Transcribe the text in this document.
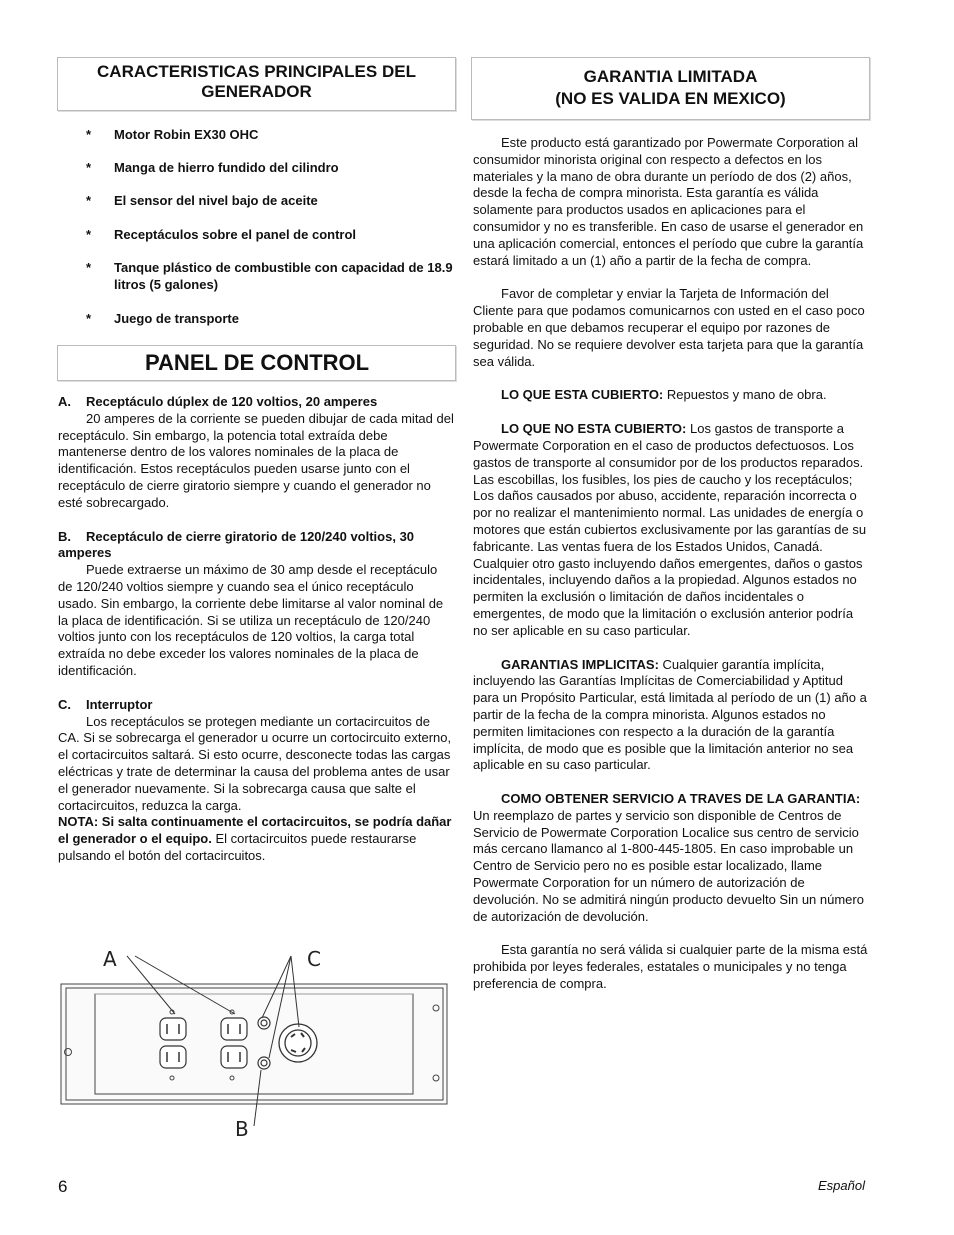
CARACTERISTICAS PRINCIPALES DEL
GENERADOR
GARANTIA LIMITADA
(NO ES VALIDA EN MEXICO)
* Motor Robin EX30 OHC
* Manga de hierro fundido del cilindro
* El sensor del nivel bajo de aceite
* Receptáculos sobre el panel de control
* Tanque plástico de combustible con capacidad de 18.9 litros (5 galones)
* Juego de transporte
PANEL DE CONTROL
A. Receptáculo dúplex de 120 voltios, 20 amperes

20 amperes de la corriente se pueden dibujar de cada mitad del receptáculo. Sin embargo, la potencia total extraída debe mantenerse dentro de los valores nominales de la placa de identificación. Estos receptáculos pueden usarse junto con el receptáculo de cierre giratorio siempre y cuando el generador no esté sobrecargado.

B. Receptáculo de cierre giratorio de 120/240 voltios, 30 amperes

Puede extraerse un máximo de 30 amp desde el receptáculo de 120/240 voltios siempre y cuando sea el único receptáculo usado. Sin embargo, la corriente debe limitarse al valor nominal de la placa de identificación. Si se utiliza un receptáculo de 120/240 voltios junto con los receptáculos de 120 voltios, la carga total extraída no debe exceder los valores nominales de la placa de identificación.

C. Interruptor

Los receptáculos se protegen mediante un cortacircuitos de CA. Si se sobrecarga el generador u ocurre un cortocircuito externo, el cortacircuitos saltará. Si esto ocurre, desconecte todas las cargas eléctricas y trate de determinar la causa del problema antes de usar el generador nuevamente. Si la sobrecarga causa que salte el cortacircuitos, reduzca la carga.
NOTA: Si salta continuamente el cortacircuitos, se podría dañar el generador o el equipo. El cortacircuitos puede restaurarse pulsando el botón del cortacircuitos.

A	C
B

Este producto está garantizado por Powermate Corporation al consumidor minorista original con respecto a defectos en los materiales y la mano de obra durante un período de dos (2) años, desde la fecha de compra minorista. Esta garantía es válida solamente para productos usados en aplicaciones para el consumidor y no es transferible. En caso de usarse el generador en una aplicación comercial, entonces el período que cubre la garantía estará limitado a un (1) año a partir de la fecha de compra.

Favor de completar y enviar la Tarjeta de Información del Cliente para que podamos comunicarnos con usted en el caso poco probable en que debamos recuperar el equipo por razones de seguridad. No se requiere devolver esta tarjeta para que la garantía sea válida.

LO QUE ESTA CUBIERTO: Repuestos y mano de obra.

LO QUE NO ESTA CUBIERTO: Los gastos de transporte a Powermate Corporation en el caso de productos defectuosos. Los gastos de transporte al consumidor por de los productos reparados. Las escobillas, los fusibles, los pies de caucho y los receptáculos; Los daños causados por abuso, accidente, reparación incorrecta o por no realizar el mantenimiento normal. Las unidades de energía o motores que están cubiertos exclusivamente por las garantías de su fabricante. Las ventas fuera de los Estados Unidos, Canadá. Cualquier otro gasto incluyendo daños emergentes, daños o gastos incidentales, incluyendo daños a la propiedad. Algunos estados no permiten la exclusión o limitación de daños incidentales o emergentes, de modo que la limitación o exclusión anterior podría no ser aplicable en su caso particular.

GARANTIAS IMPLICITAS: Cualquier garantía implícita, incluyendo las Garantías Implícitas de Comerciabilidad y Aptitud para un Propósito Particular, está limitada al período de un (1) año a partir de la fecha de la compra minorista. Algunos estados no permiten limitaciones con respecto a la duración de la garantía implícita, de modo que es posible que la limitación anterior no sea aplicable en su caso particular.

COMO OBTENER SERVICIO A TRAVES DE LA GARANTIA: Un reemplazo de partes y servicio son disponible de Centros de Servicio de Powermate Corporation Localice sus centro de servicio más cercano llamanco al 1-800-445-1805. En caso improbable un Centro de Servicio pero no es posible estar localizado, llame Powermate Corporation for un número de autorización de devolución. No se admitirá ningún producto devuelto Sin un número de autorización de devolución.

Esta garantía no será válida si cualquier parte de la misma está prohibida por leyes federales, estatales o municipales y no tenga preferencia de compra.

6	Español
